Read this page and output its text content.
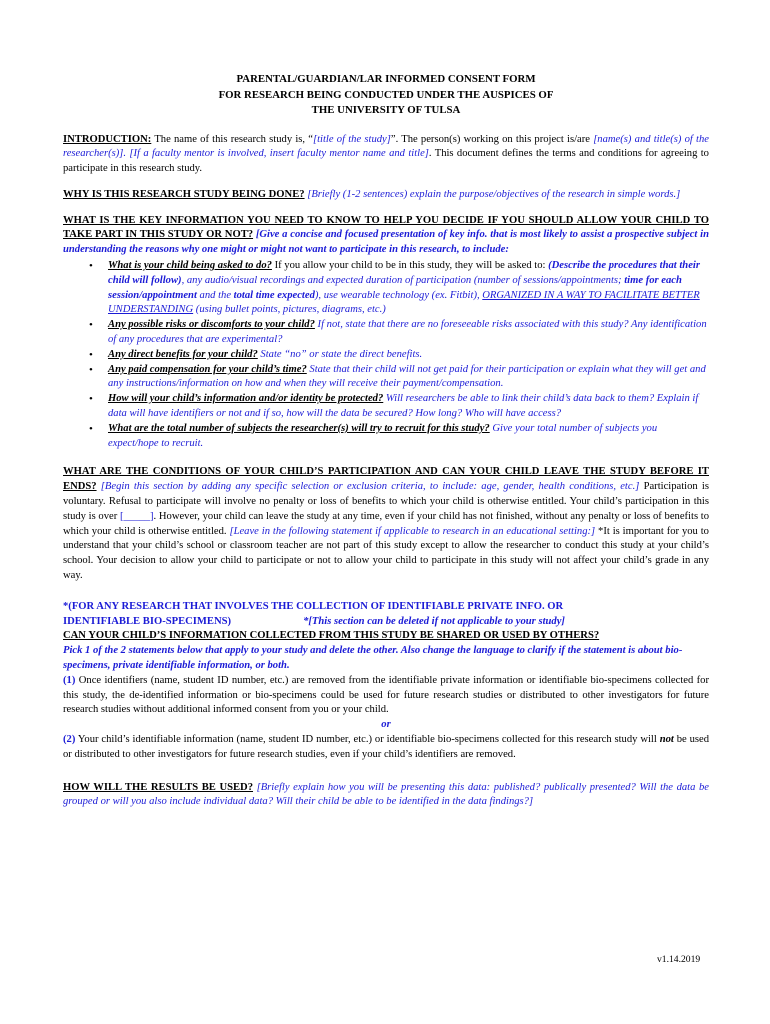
PARENTAL/GUARDIAN/LAR INFORMED CONSENT FORM
FOR RESEARCH BEING CONDUCTED UNDER THE AUSPICES OF
THE UNIVERSITY OF TULSA

INTRODUCTION: The name of this research study is, “[title of the study]”. The person(s) working on this project is/are [name(s) and title(s) of the researcher(s)]. [If a faculty mentor is involved, insert faculty mentor name and title]. This document defines the terms and conditions for agreeing to participate in this research study.

WHY IS THIS RESEARCH STUDY BEING DONE? [Briefly (1-2 sentences) explain the purpose/objectives of the research in simple words.]

WHAT IS THE KEY INFORMATION YOU NEED TO KNOW TO HELP YOU DECIDE IF YOU SHOULD ALLOW YOUR CHILD TO TAKE PART IN THIS STUDY OR NOT? [Give a concise and focused presentation of key info. that is most likely to assist a prospective subject in understanding the reasons why one might or might not want to participate in this research, to include:

• What is your child being asked to do? If you allow your child to be in this study, they will be asked to: (Describe the procedures that their child will follow), any audio/visual recordings and expected duration of participation (number of sessions/appointments; time for each session/appointment and the total time expected), use wearable technology (ex. Fitbit), ORGANIZED IN A WAY TO FACILITATE BETTER UNDERSTANDING (using bullet points, pictures, diagrams, etc.)
• Any possible risks or discomforts to your child? If not, state that there are no foreseeable risks associated with this study? Any identification of any procedures that are experimental?
• Any direct benefits for your child? State “no” or state the direct benefits.
• Any paid compensation for your child’s time? State that their child will not get paid for their participation or explain what they will get and any instructions/information on how and when they will receive their payment/compensation.
• How will your child’s information and/or identity be protected? Will researchers be able to link their child’s data back to them? Explain if data will have identifiers or not and if so, how will the data be secured? How long? Who will have access?
• What are the total number of subjects the researcher(s) will try to recruit for this study? Give your total number of subjects you expect/hope to recruit.

WHAT ARE THE CONDITIONS OF YOUR CHILD’S PARTICIPATION AND CAN YOUR CHILD LEAVE THE STUDY BEFORE IT ENDS? [Begin this section by adding any specific selection or exclusion criteria, to include: age, gender, health conditions, etc.] Participation is voluntary. Refusal to participate will involve no penalty or loss of benefits to which your child is otherwise entitled. Your child’s participation in this study is over [_____]. However, your child can leave the study at any time, even if your child has not finished, without any penalty or loss of benefits to which your child is otherwise entitled. [Leave in the following statement if applicable to research in an educational setting:] *It is important for you to understand that your child’s school or classroom teacher are not part of this study except to allow the researcher to conduct this study at your child’s school. Your decision to allow your child to participate or not to allow your child to participate in this study will not affect your child’s grade in any way.

*(FOR ANY RESEARCH THAT INVOLVES THE COLLECTION OF IDENTIFIABLE PRIVATE INFO. OR
IDENTIFIABLE BIO-SPECIMENS)	*[This section can be deleted if not applicable to your study]

CAN YOUR CHILD’S INFORMATION COLLECTED FROM THIS STUDY BE SHARED OR USED BY OTHERS?

Pick 1 of the 2 statements below that apply to your study and delete the other. Also change the language to clarify if the statement is about bio-specimens, private identifiable information, or both.

(1) Once identifiers (name, student ID number, etc.) are removed from the identifiable private information or identifiable bio-specimens collected for this study, the de-identified information or bio-specimens could be used for future research studies or distributed to other investigators for future research studies without additional informed consent from you or your child.

or

(2) Your child’s identifiable information (name, student ID number, etc.) or identifiable bio-specimens collected for this research study will not be used or distributed to other investigators for future research studies, even if your child’s identifiers are removed.

HOW WILL THE RESULTS BE USED? [Briefly explain how you will be presenting this data: published? publically presented? Will the data be grouped or will you also include individual data? Will their child be able to be identified in the data findings?]

v1.14.2019
